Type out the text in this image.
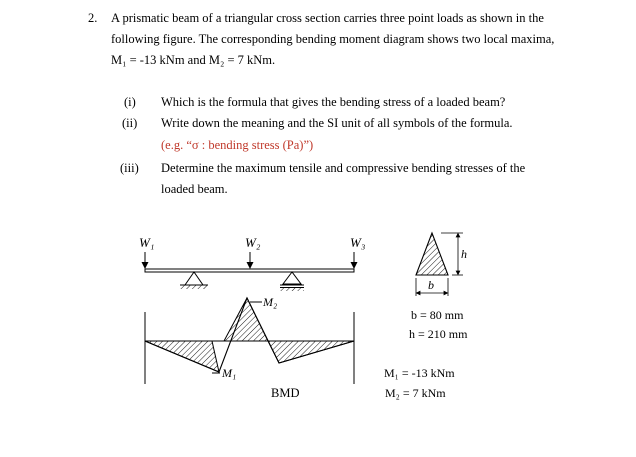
2. A prismatic beam of a triangular cross section carries three point loads as shown in the
following figure. The corresponding bending moment diagram shows two local maxima,
M₁ = -13 kNm and M₂ = 7 kNm.
(i) Which is the formula that gives the bending stress of a loaded beam?
(ii) Write down the meaning and the SI unit of all symbols of the formula.
(e.g. “σ : bending stress (Pa)”)
(iii) Determine the maximum tensile and compressive bending stresses of the
loaded beam.
W₁	W₂	W₃
M₂
M₁
BMD
h
b
b = 80 mm
h = 210 mm
M₁ = -13 kNm
M₂ = 7 kNm
